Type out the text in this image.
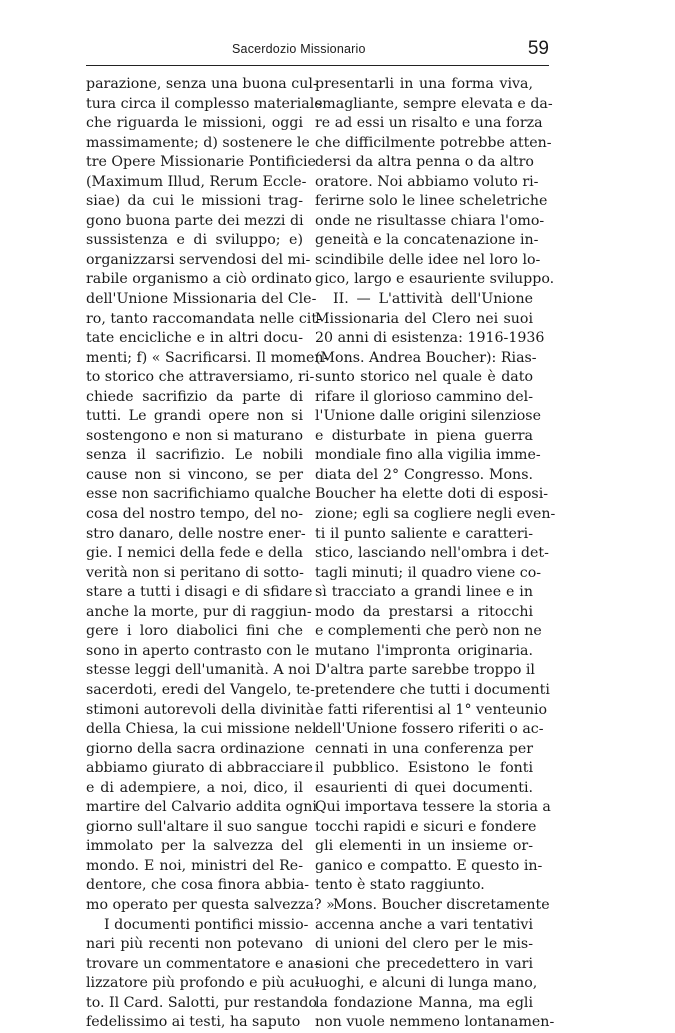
Sacerdozio Missionario	59
parazione, senza una buona cul-
tura circa il complesso materiale
che riguarda le missioni, oggi
massimamente; d) sostenere le
tre Opere Missionarie Pontificie
(Maximum Illud, Rerum Eccle-
siae) da cui le missioni trag-
gono buona parte dei mezzi di
sussistenza e di sviluppo; e)
organizzarsi servendosi del mi-
rabile organismo a ciò ordinato
dell'Unione Missionaria del Cle-
ro, tanto raccomandata nelle cit-
tate encicliche e in altri docu-
menti; f) « Sacrificarsi. Il momen-
to storico che attraversiamo, ri-
chiede sacrifizio da parte di
tutti. Le grandi opere non si
sostengono e non si maturano
senza il sacrifizio. Le nobili
cause non si vincono, se per
esse non sacrifichiamo qualche
cosa del nostro tempo, del no-
stro danaro, delle nostre ener-
gie. I nemici della fede e della
verità non si peritano di sotto-
stare a tutti i disagi e di sfidare
anche la morte, pur di raggiun-
gere i loro diabolici fini che
sono in aperto contrasto con le
stesse leggi dell'umanità. A noi
sacerdoti, eredi del Vangelo, te-
stimoni autorevoli della divinità
della Chiesa, la cui missione nel
giorno della sacra ordinazione
abbiamo giurato di abbracciare
e di adempiere, a noi, dico, il
martire del Calvario addita ogni
giorno sull'altare il suo sangue
immolato per la salvezza del
mondo. E noi, ministri del Re-
dentore, che cosa finora abbia-
mo operato per questa salvezza? »
I documenti pontifici missio-
nari più recenti non potevano
trovare un commentatore e ana-
lizzatore più profondo e più acu-
to. Il Card. Salotti, pur restando
fedelissimo ai testi, ha saputo
presentarli in una forma viva,
smagliante, sempre elevata e da-
re ad essi un risalto e una forza
che difficilmente potrebbe atten-
dersi da altra penna o da altro
oratore. Noi abbiamo voluto ri-
ferirne solo le linee scheletriche
onde ne risultasse chiara l'omo-
geneità e la concatenazione in-
scindibile delle idee nel loro lo-
gico, largo e esauriente sviluppo.
II. — L'attività dell'Unione
Missionaria del Clero nei suoi
20 anni di esistenza: 1916-1936
(Mons. Andrea Boucher): Rias-
sunto storico nel quale è dato
rifare il glorioso cammino del-
l'Unione dalle origini silenziose
e disturbate in piena guerra
mondiale fino alla vigilia imme-
diata del 2° Congresso. Mons.
Boucher ha elette doti di esposi-
zione; egli sa cogliere negli even-
ti il punto saliente e caratteri-
stico, lasciando nell'ombra i det-
tagli minuti; il quadro viene co-
sì tracciato a grandi linee e in
modo da prestarsi a ritocchi
e complementi che però non ne
mutano l'impronta originaria.
D'altra parte sarebbe troppo il
pretendere che tutti i documenti
e fatti riferentisi al 1° venteunio
dell'Unione fossero riferiti o ac-
cennati in una conferenza per
il pubblico. Esistono le fonti
esaurienti di quei documenti.
Qui importava tessere la storia a
tocchi rapidi e sicuri e fondere
gli elementi in un insieme or-
ganico e compatto. E questo in-
tento è stato raggiunto.
Mons. Boucher discretamente
accenna anche a vari tentativi
di unioni del clero per le mis-
sioni che precedettero in vari
luoghi, e alcuni di lunga mano,
la fondazione Manna, ma egli
non vuole nemmeno lontanamen-
